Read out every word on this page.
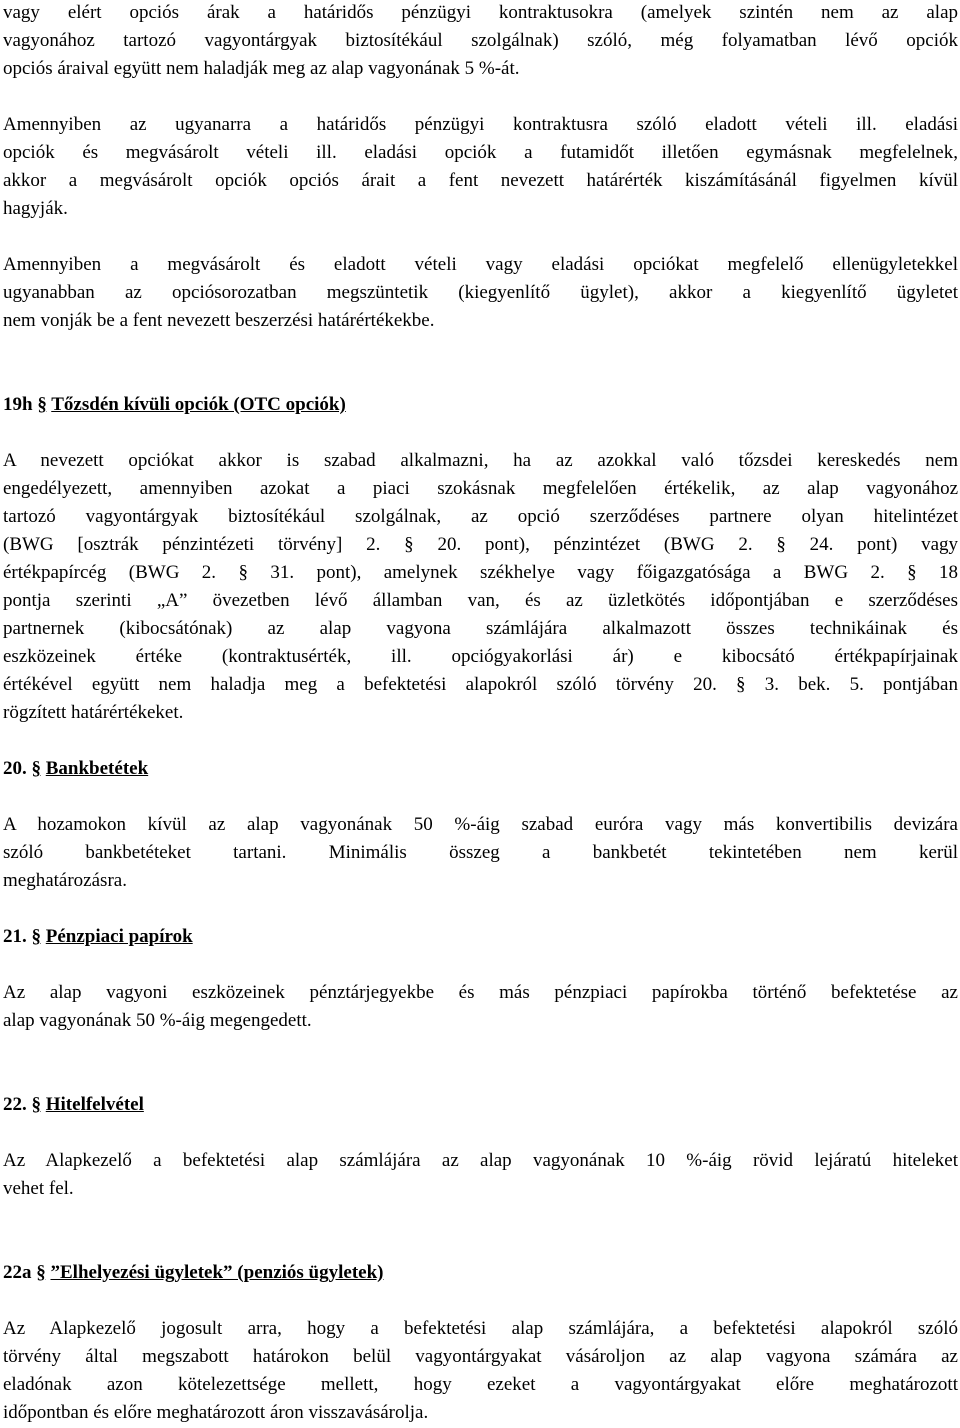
vagy elért opciós árak a határidős pénzügyi kontraktusokra (amelyek szintén nem az alap
vagyonához tartozó vagyontárgyak biztosítékául szolgálnak) szóló, még folyamatban lévő opciók
opciós áraival együtt nem haladják meg az alap vagyonának 5 %-át.
Amennyiben az ugyanarra a határidős pénzügyi kontraktusra szóló eladott vételi ill. eladási
opciók és megvásárolt vételi ill. eladási opciók a futamidőt illetően egymásnak megfelelnek,
akkor a megvásárolt opciók opciós árait a fent nevezett határérték kiszámításánál figyelmen kívül
hagyják.
Amennyiben a megvásárolt és eladott vételi vagy eladási opciókat megfelelő ellenügyletekkel
ugyanabban az opciósorozatban megszüntetik (kiegyenlítő ügylet), akkor a kiegyenlítő ügyletet
nem vonják be a fent nevezett beszerzési határértékekbe.
19h § Tőzsdén kívüli opciók (OTC opciók)
A nevezett opciókat akkor is szabad alkalmazni, ha az azokkal való tőzsdei kereskedés nem
engedélyezett, amennyiben azokat a piaci szokásnak megfelelően értékelik, az alap vagyonához
tartozó vagyontárgyak biztosítékául szolgálnak, az opció szerződéses partnere olyan hitelintézet
(BWG [osztrák pénzintézeti törvény] 2. § 20. pont), pénzintézet (BWG 2. § 24. pont) vagy
értékpapírcég (BWG 2. § 31. pont), amelynek székhelye vagy főigazgatósága a BWG 2. § 18
pontja szerinti „A” övezetben lévő államban van, és az üzletkötés időpontjában e szerződéses
partnernek (kibocsátónak) az alap vagyona számlájára alkalmazott összes technikáinak és
eszközeinek értéke (kontraktusérték, ill. opciógyakorlási ár) e kibocsátó értékpapírjainak
értékével együtt nem haladja meg a befektetési alapokról szóló törvény 20. § 3. bek. 5. pontjában
rögzített határértékeket.
20. § Bankbetétek
A hozamokon kívül az alap vagyonának 50 %-áig szabad euróra vagy más konvertibilis devizára
szóló bankbetéteket tartani. Minimális összeg a bankbetét tekintetében nem kerül
meghatározásra.
21. § Pénzpiaci papírok
Az alap vagyoni eszközeinek pénztárjegyekbe és más pénzpiaci papírokba történő befektetése az
alap vagyonának 50 %-áig megengedett.
22. § Hitelfelvétel
Az Alapkezelő a befektetési alap számlájára az alap vagyonának 10 %-áig rövid lejáratú hiteleket
vehet fel.
22a § ”Elhelyezési ügyletek” (penziós ügyletek)
Az Alapkezelő jogosult arra, hogy a befektetési alap számlájára, a befektetési alapokról szóló
törvény által megszabott határokon belül vagyontárgyakat vásároljon az alap vagyona számára az
eladónak azon kötelezettsége mellett, hogy ezeket a vagyontárgyakat előre meghatározott
időpontban és előre meghatározott áron visszavásárolja.
